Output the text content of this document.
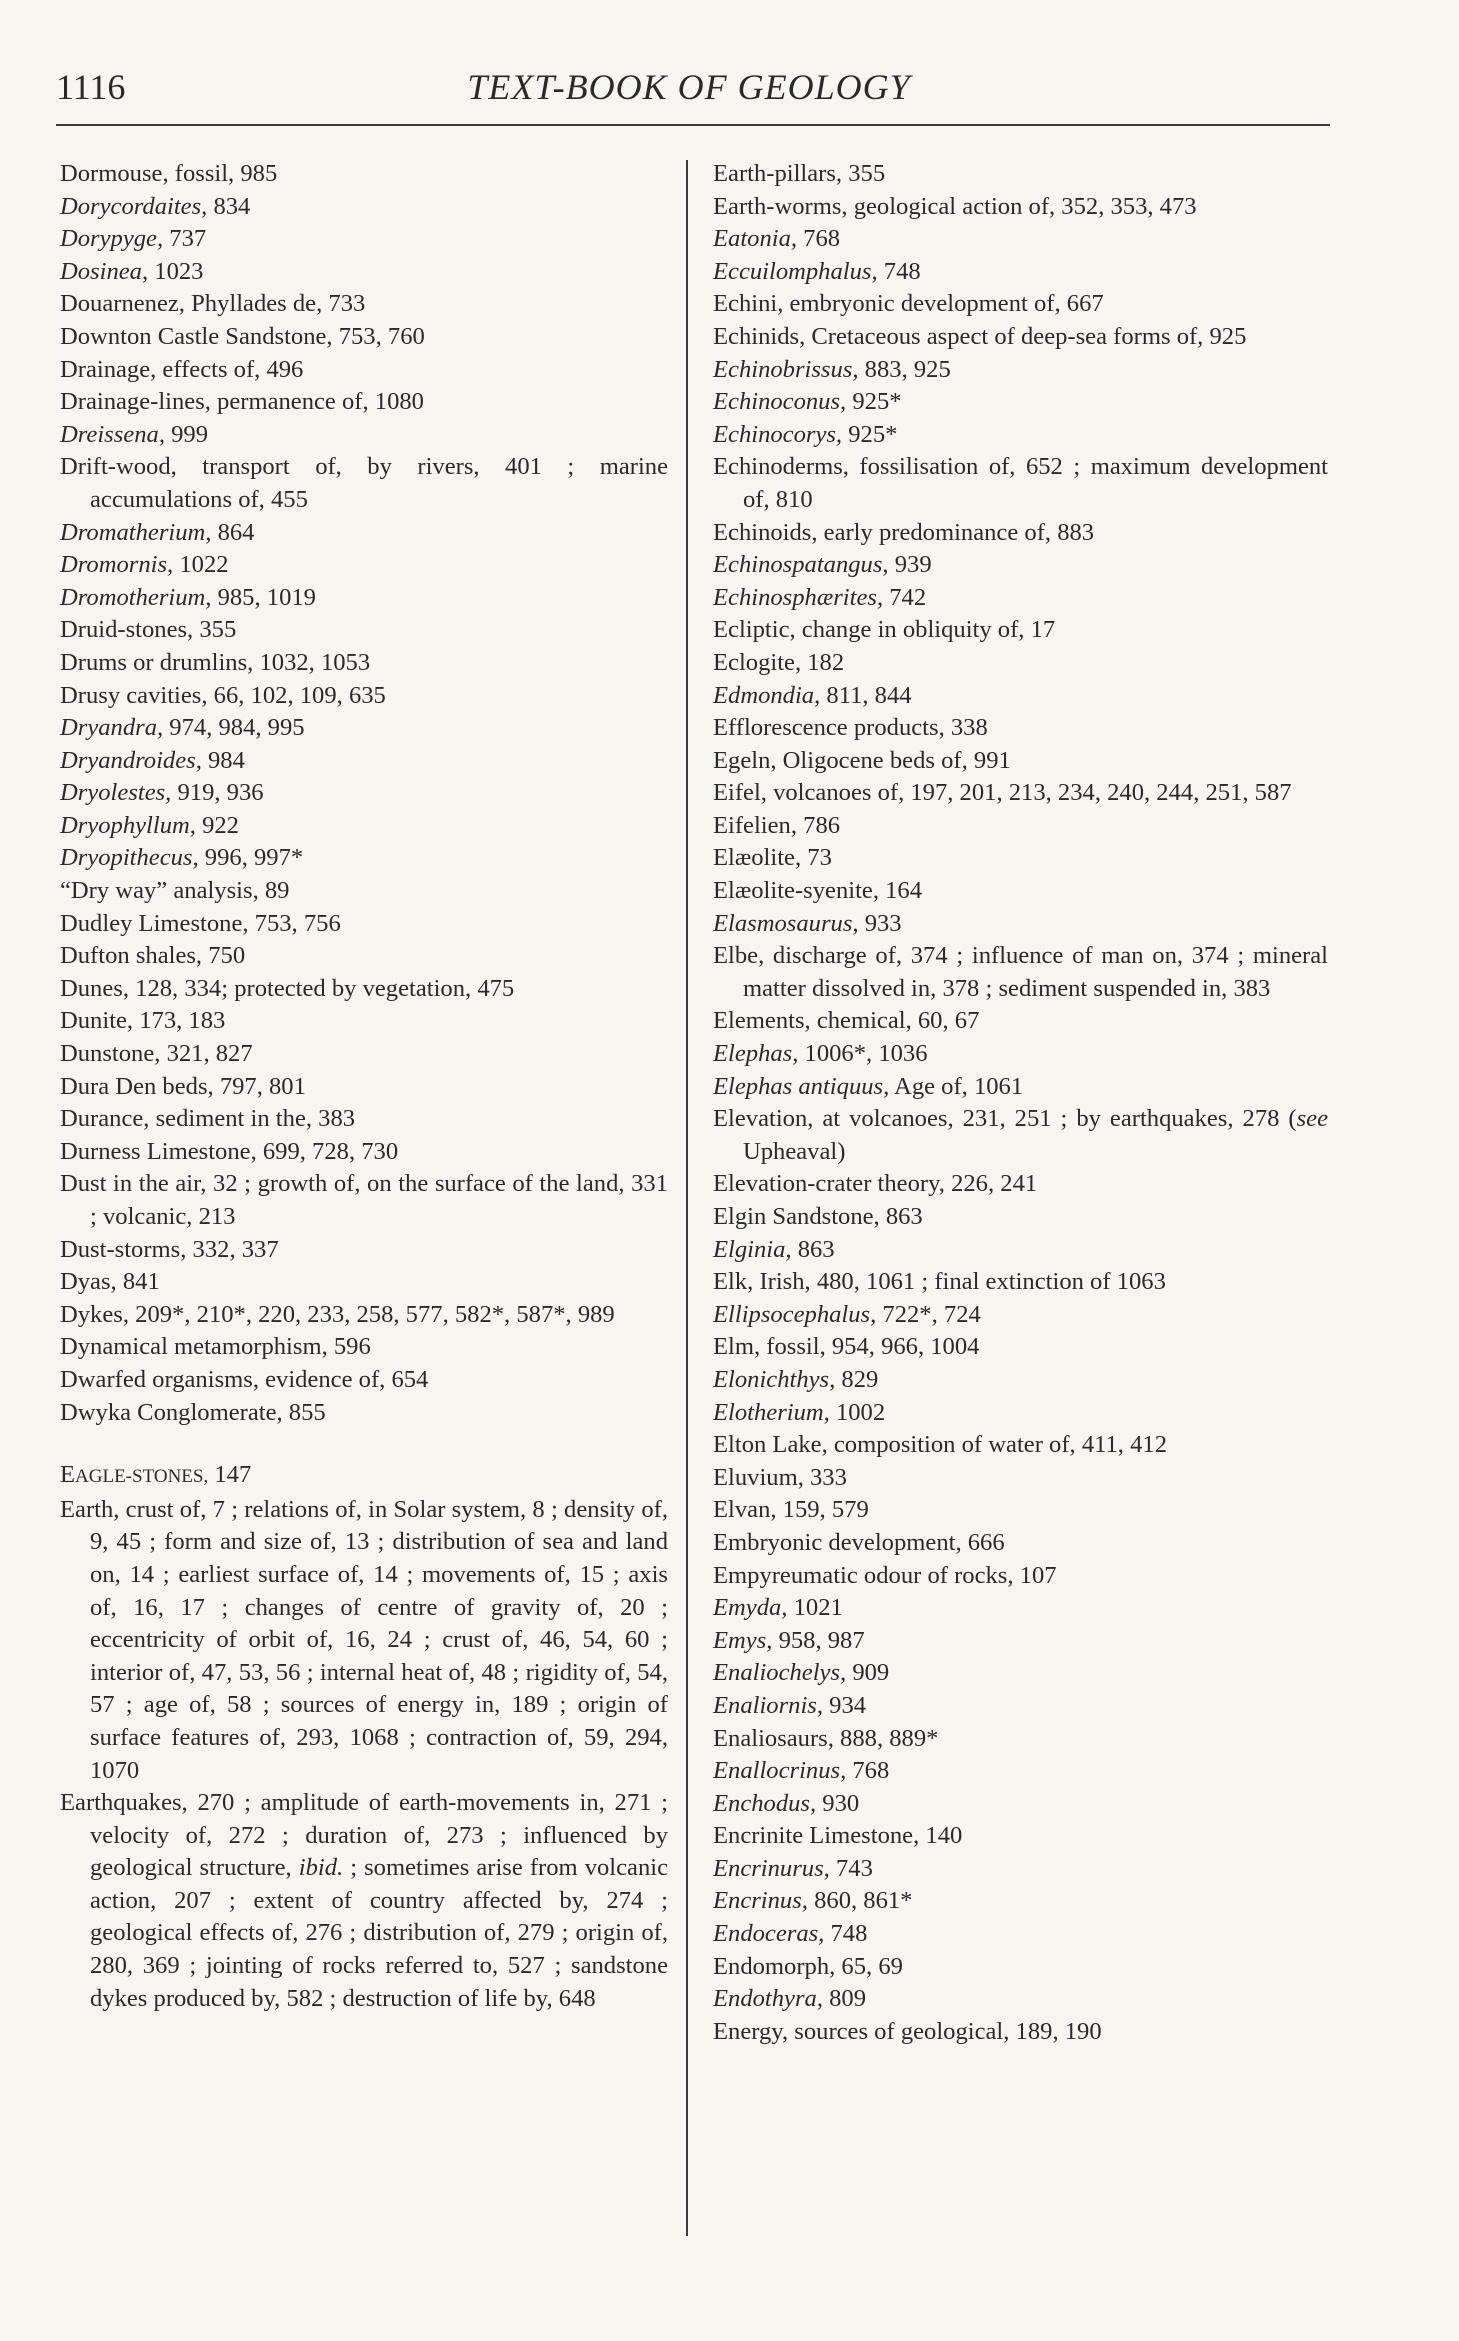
1116	TEXT-BOOK OF GEOLOGY
Dormouse, fossil, 985
Dorycordaites, 834
Dorypyge, 737
Dosinea, 1023
Douarnenez, Phyllades de, 733
Downton Castle Sandstone, 753, 760
Drainage, effects of, 496
Drainage-lines, permanence of, 1080
Dreissena, 999
Drift-wood, transport of, by rivers, 401 ; marine accumulations of, 455
Dromatherium, 864
Dromornis, 1022
Dromotherium, 985, 1019
Druid-stones, 355
Drums or drumlins, 1032, 1053
Drusy cavities, 66, 102, 109, 635
Dryandra, 974, 984, 995
Dryandroides, 984
Dryolestes, 919, 936
Dryophyllum, 922
Dryopithecus, 996, 997*
“Dry way” analysis, 89
Dudley Limestone, 753, 756
Dufton shales, 750
Dunes, 128, 334; protected by vegetation, 475
Dunite, 173, 183
Dunstone, 321, 827
Dura Den beds, 797, 801
Durance, sediment in the, 383
Durness Limestone, 699, 728, 730
Dust in the air, 32 ; growth of, on the surface of the land, 331 ; volcanic, 213
Dust-storms, 332, 337
Dyas, 841
Dykes, 209*, 210*, 220, 233, 258, 577, 582*, 587*, 989
Dynamical metamorphism, 596
Dwarfed organisms, evidence of, 654
Dwyka Conglomerate, 855
EAGLE-STONES, 147
Earth, crust of, 7 ; relations of, in Solar system, 8 ; density of, 9, 45 ; form and size of, 13 ; distribution of sea and land on, 14 ; earliest surface of, 14 ; movements of, 15 ; axis of, 16, 17 ; changes of centre of gravity of, 20 ; eccentricity of orbit of, 16, 24 ; crust of, 46, 54, 60 ; interior of, 47, 53, 56 ; internal heat of, 48 ; rigidity of, 54, 57 ; age of, 58 ; sources of energy in, 189 ; origin of surface features of, 293, 1068 ; contraction of, 59, 294, 1070
Earthquakes, 270 ; amplitude of earth-movements in, 271 ; velocity of, 272 ; duration of, 273 ; influenced by geological structure, ibid. ; sometimes arise from volcanic action, 207 ; extent of country affected by, 274 ; geological effects of, 276 ; distribution of, 279 ; origin of, 280, 369 ; jointing of rocks referred to, 527 ; sandstone dykes produced by, 582 ; destruction of life by, 648
Earth-pillars, 355
Earth-worms, geological action of, 352, 353, 473
Eatonia, 768
Eccuilomphalus, 748
Echini, embryonic development of, 667
Echinids, Cretaceous aspect of deep-sea forms of, 925
Echinobrissus, 883, 925
Echinoconus, 925*
Echinocorys, 925*
Echinoderms, fossilisation of, 652 ; maximum development of, 810
Echinoids, early predominance of, 883
Echinospatangus, 939
Echinosphærites, 742
Ecliptic, change in obliquity of, 17
Eclogite, 182
Edmondia, 811, 844
Efflorescence products, 338
Egeln, Oligocene beds of, 991
Eifel, volcanoes of, 197, 201, 213, 234, 240, 244, 251, 587
Eifelien, 786
Elæolite, 73
Elæolite-syenite, 164
Elasmosaurus, 933
Elbe, discharge of, 374 ; influence of man on, 374 ; mineral matter dissolved in, 378 ; sediment suspended in, 383
Elements, chemical, 60, 67
Elephas, 1006*, 1036
Elephas antiquus, Age of, 1061
Elevation, at volcanoes, 231, 251 ; by earthquakes, 278 (see Upheaval)
Elevation-crater theory, 226, 241
Elgin Sandstone, 863
Elginia, 863
Elk, Irish, 480, 1061 ; final extinction of 1063
Ellipsocephalus, 722*, 724
Elm, fossil, 954, 966, 1004
Elonichthys, 829
Elotherium, 1002
Elton Lake, composition of water of, 411, 412
Eluvium, 333
Elvan, 159, 579
Embryonic development, 666
Empyreumatic odour of rocks, 107
Emyda, 1021
Emys, 958, 987
Enaliochelys, 909
Enaliornis, 934
Enaliosaurs, 888, 889*
Enallocrinus, 768
Enchodus, 930
Encrinite Limestone, 140
Encrinurus, 743
Encrinus, 860, 861*
Endoceras, 748
Endomorph, 65, 69
Endothyra, 809
Energy, sources of geological, 189, 190
